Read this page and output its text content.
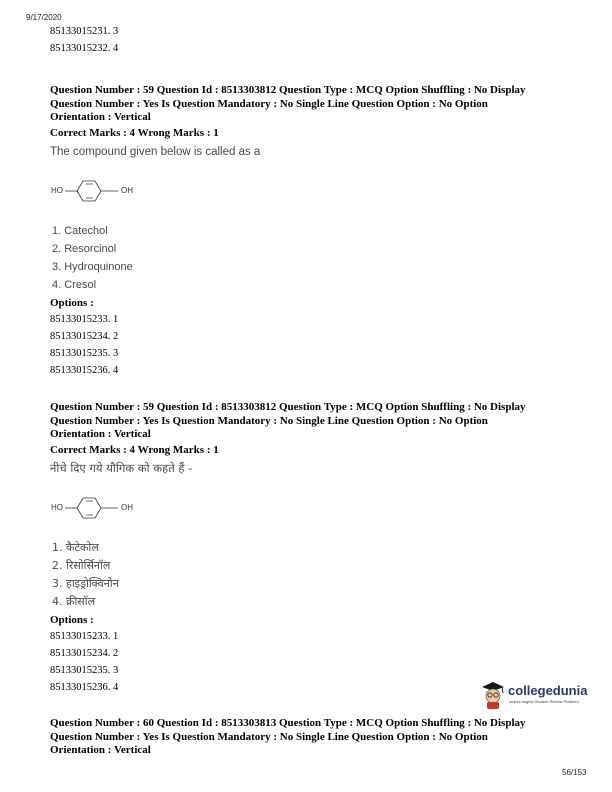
9/17/2020
85133015231. 3
85133015232. 4
Question Number : 59 Question Id : 8513303812 Question Type : MCQ Option Shuffling : No Display
Question Number : Yes Is Question Mandatory : No Single Line Question Option : No Option
Orientation : Vertical
Correct Marks : 4 Wrong Marks : 1
The compound given below is called as a
HO	OH
1. Catechol
2. Resorcinol
3. Hydroquinone
4. Cresol
Options :
85133015233. 1
85133015234. 2
85133015235. 3
85133015236. 4
Question Number : 59 Question Id : 8513303812 Question Type : MCQ Option Shuffling : No Display
Question Number : Yes Is Question Mandatory : No Single Line Question Option : No Option
Orientation : Vertical
Correct Marks : 4 Wrong Marks : 1
नीचे दिए गये यौगिक को कहते हैं -
HO	OH
1. कैटेकोल
2. रिसोर्सिनॉल
3. हाइड्रोक्विनोन
4. क्रीसॉल
Options :
85133015233. 1
85133015234. 2
85133015235. 3
85133015236. 4	collegedunia
India's largest Student Review Platform
Question Number : 60 Question Id : 8513303813 Question Type : MCQ Option Shuffling : No Display
Question Number : Yes Is Question Mandatory : No Single Line Question Option : No Option
Orientation : Vertical
56/153
